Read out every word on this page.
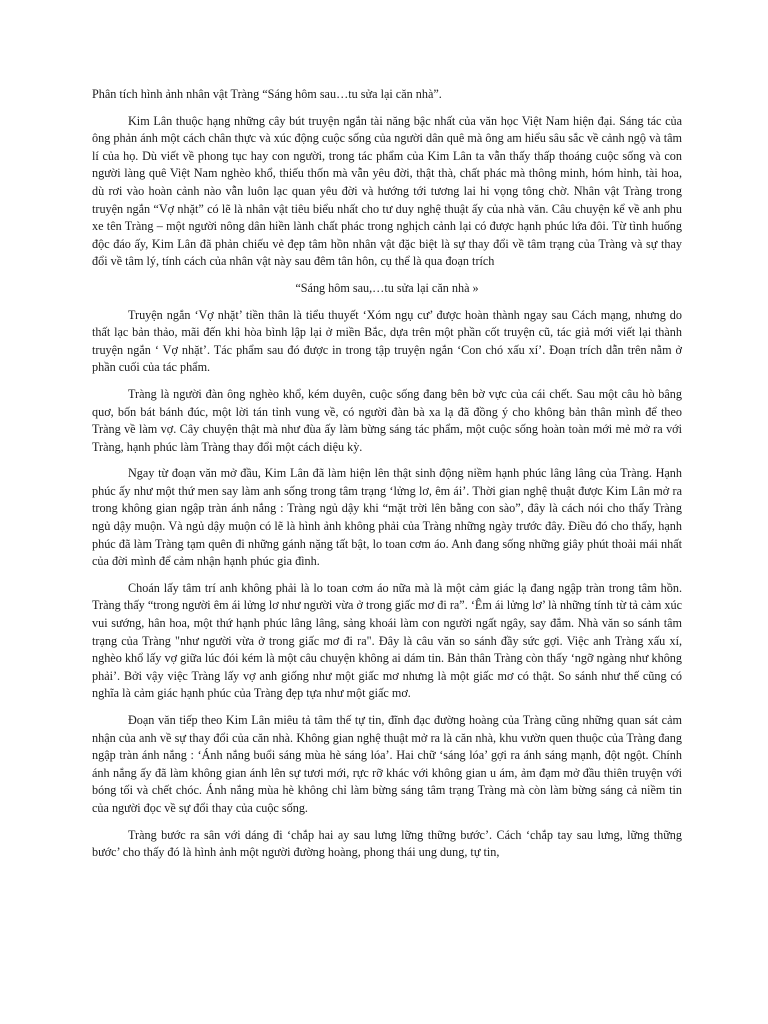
Phân tích hình ảnh nhân vật Tràng “Sáng hôm sau…tu sửa lại căn nhà”.

Kim Lân thuộc hạng những cây bút truyện ngắn tài năng bậc nhất của văn học Việt Nam hiện đại. Sáng tác của ông phản ánh một cách chân thực và xúc động cuộc sống của người dân quê mà ông am hiểu sâu sắc về cảnh ngộ và tâm lí của họ. Dù viết về phong tục hay con người, trong tác phẩm của Kim Lân ta vẫn thấy thấp thoáng cuộc sống và con người làng quê Việt Nam nghèo khổ, thiếu thốn mà vẫn yêu đời, thật thà, chất phác mà thông minh, hóm hỉnh, tài hoa, dù rơi vào hoàn cảnh nào vẫn luôn lạc quan yêu đời và hướng tới tương lai hi vọng tông chờ. Nhân vật Tràng trong truyện ngắn “Vợ nhặt” có lẽ là nhân vật tiêu biểu nhất cho tư duy nghệ thuật ấy của nhà văn. Câu chuyện kể về anh phu xe tên Tràng – một người nông dân hiền lành chất phác trong nghịch cảnh lại có được hạnh phúc lứa đôi. Từ tình huống độc đáo ấy, Kim Lân đã phản chiếu vẻ đẹp tâm hồn nhân vật đặc biệt là sự thay đổi về tâm trạng của Tràng và sự thay đổi về tâm lý, tính cách của nhân vật này sau đêm tân hôn, cụ thể là qua đoạn trích

“Sáng hôm sau,…tu sửa lại căn nhà »

Truyện ngắn ‘Vợ nhặt’ tiền thân là tiểu thuyết ‘Xóm ngụ cư’ được hoàn thành ngay sau Cách mạng, nhưng do thất lạc bản thảo, mãi đến khi hòa bình lập lại ở miền Bắc, dựa trên một phần cốt truyện cũ, tác giả mới viết lại thành truyện ngắn ‘ Vợ nhặt’. Tác phẩm sau đó được in trong tập truyện ngắn ‘Con chó xấu xí’. Đoạn trích dẫn trên nằm ở phần cuối của tác phẩm.

Tràng là người đàn ông nghèo khổ, kém duyên, cuộc sống đang bên bờ vực của cái chết. Sau một câu hò bâng quơ, bốn bát bánh đúc, một lời tán tỉnh vung về, có người đàn bà xa lạ đã đồng ý cho không bản thân mình để theo Tràng về làm vợ. Cây chuyện thật mà như đùa ấy làm bừng sáng tác phẩm, một cuộc sống hoàn toàn mới mẻ mở ra với Tràng, hạnh phúc làm Tràng thay đổi một cách diệu kỳ.

Ngay từ đoạn văn mở đầu, Kim Lân đã làm hiện lên thật sinh động niềm hạnh phúc lâng lâng của Tràng. Hạnh phúc ấy như một thứ men say làm anh sống trong tâm trạng ‘lửng lơ, êm ái’. Thời gian nghệ thuật được Kim Lân mở ra trong không gian ngập tràn ánh nắng : Tràng ngủ dậy khi “mặt trời lên bằng con sào”, đây là cách nói cho thấy Tràng ngủ dậy muộn. Và ngủ dậy muộn có lẽ là hình ảnh không phải của Tràng những ngày trước đây. Điều đó cho thấy, hạnh phúc đã làm Tràng tạm quên đi những gánh nặng tất bật, lo toan cơm áo. Anh đang sống những giây phút thoải mái nhất của đời mình để cảm nhận hạnh phúc gia đình.

Choán lấy tâm trí anh không phải là lo toan cơm áo nữa mà là một cảm giác lạ đang ngập tràn trong tâm hồn. Tràng thấy “trong người êm ái lửng lơ như người vừa ở trong giấc mơ đi ra”. ‘Êm ái lửng lơ’ là những tính từ tả cảm xúc vui sướng, hân hoa, một thứ hạnh phúc lâng lâng, sảng khoái làm con người ngất ngây, say đắm. Nhà văn so sánh tâm trạng của Tràng "như người vừa ở trong giấc mơ đi ra". Đây là câu văn so sánh đầy sức gợi. Việc anh Tràng xấu xí, nghèo khổ lấy vợ giữa lúc đói kém là một câu chuyện không ai dám tin. Bản thân Tràng còn thấy ‘ngỡ ngàng như không phải’. Bởi vậy việc Tràng lấy vợ anh giống như một giấc mơ nhưng là một giấc mơ có thật. So sánh như thế cũng có nghĩa là cảm giác hạnh phúc của Tràng đẹp tựa như một giấc mơ.

Đoạn văn tiếp theo Kim Lân miêu tả tâm thế tự tin, đĩnh đạc đường hoàng của Tràng cũng những quan sát cảm nhận của anh về sự thay đổi của căn nhà. Không gian nghệ thuật mở ra là căn nhà, khu vườn quen thuộc của Tràng đang ngập tràn ánh nắng : ‘Ánh nắng buổi sáng mùa hè sáng lóa’. Hai chữ ‘sáng lóa’ gợi ra ánh sáng mạnh, đột ngột. Chính ánh nắng ấy đã làm không gian ánh lên sự tươi mới, rực rỡ khác với không gian u ám, ảm đạm mở đầu thiên truyện với bóng tối và chết chóc. Ánh nắng mùa hè không chỉ làm bừng sáng tâm trạng Tràng mà còn làm bừng sáng cả niềm tin của người đọc về sự đổi thay của cuộc sống.

Tràng bước ra sân với dáng đi ‘chắp hai ay sau lưng lững thững bước’. Cách ‘chắp tay sau lưng, lững thững bước’ cho thấy đó là hình ảnh một người đường hoàng, phong thái ung dung, tự tin,
